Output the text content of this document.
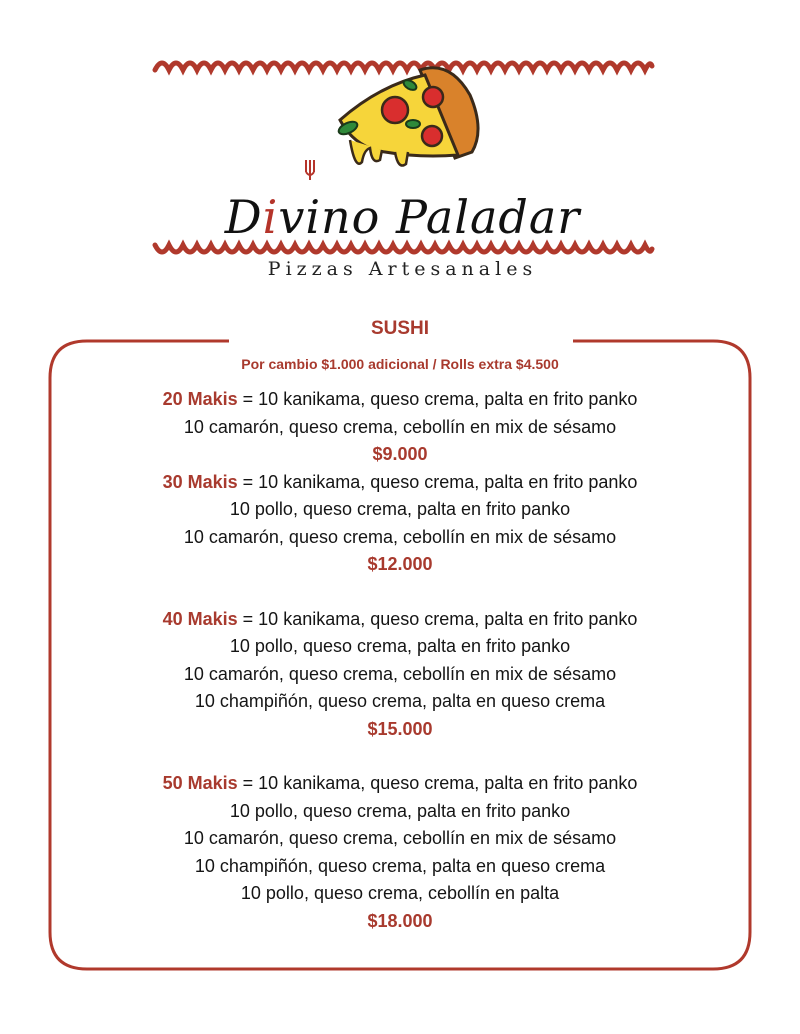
Divino Paladar
Pizzas Artesanales
SUSHI
Por cambio $1.000 adicional / Rolls extra $4.500
20 Makis = 10 kanikama, queso crema, palta en frito panko
10 camarón, queso crema, cebollín en mix de sésamo
$9.000
30 Makis = 10 kanikama, queso crema, palta en frito panko
10 pollo, queso crema, palta en frito panko
10 camarón, queso crema, cebollín en mix de sésamo
$12.000
40 Makis = 10 kanikama, queso crema, palta en frito panko
10 pollo, queso crema, palta en frito panko
10 camarón, queso crema, cebollín en mix de sésamo
10 champiñón, queso crema, palta en queso crema
$15.000
50 Makis = 10 kanikama, queso crema, palta en frito panko
10 pollo, queso crema, palta en frito panko
10 camarón, queso crema, cebollín en mix de sésamo
10 champiñón, queso crema, palta en queso crema
10 pollo, queso crema, cebollín en palta
$18.000
